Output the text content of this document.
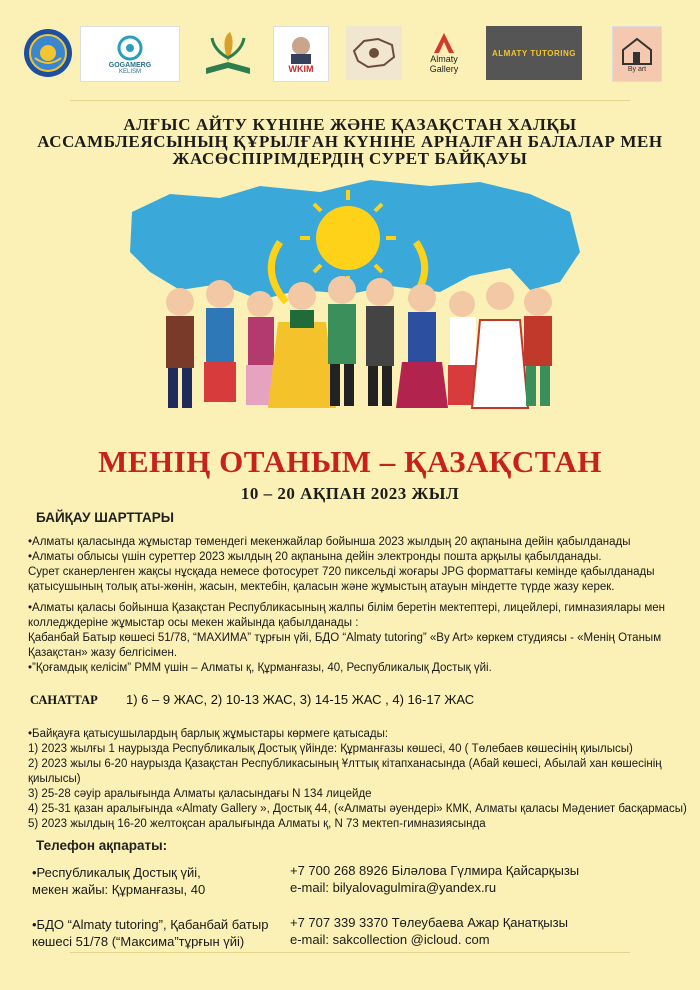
GOGAMERG
KELISM	WKIM
Almaty
Gallery
ALMATY TUTORING
By art
АЛҒЫС АЙТУ КҮНІНЕ ЖӘНЕ ҚАЗАҚСТАН ХАЛҚЫ
АССАМБЛЕЯСЫНЫҢ ҚҰРЫЛҒАН КҮНІНЕ АРНАЛҒАН БАЛАЛАР МЕН
ЖАСӨСПІРІМДЕРДІҢ СУРЕТ БАЙҚАУЫ
МЕНІҢ ОТАНЫМ – ҚАЗАҚСТАН
10 – 20 АҚПАН 2023 ЖЫЛ
БАЙҚАУ ШАРТТАРЫ
•Алматы қаласында жұмыстар төмендегі мекенжайлар бойынша 2023 жылдың 20 ақпанына дейін қабылданады
•Алматы облысы үшін суреттер 2023 жылдың 20 ақпанына дейін электронды пошта арқылы қабылданады.
Сурет сканерленген жақсы нұсқада немесе фотосурет 720 пиксельді жоғары JPG форматтағы кемінде қабылданады
қатысушының толық аты-жөнін, жасын, мектебін, қаласын және жұмыстың атауын міндетте түрде жазу керек.
•Алматы қаласы бойынша Қазақстан Республикасының жалпы білім беретін мектептері, лицейлері, гимназиялары мен
колледждеріне жұмыстар осы мекен жайында қабылданады :
Қабанбай Батыр көшесі 51/78, “МАХИМА” тұрғын үйі, БДО “Almaty tutoring” «By Art» көркем студиясы - «Менің Отаным
Қазақстан» жазу белгісімен.
•”Қоғамдық келісім” РММ үшін – Алматы қ, Құрманғазы, 40, Республикалық Достық үйі.
САНАТТАР 1) 6 – 9 ЖАС, 2) 10-13 ЖАС, 3) 14-15 ЖАС , 4) 16-17 ЖАС
•Байқауға қатысушылардың барлық жұмыстары көрмеге қатысады:
1) 2023 жылғы 1 наурызда Республикалық Достық үйінде: Құрманғазы көшесі, 40 ( Төлебаев көшесінің қиылысы)
2) 2023 жылы 6-20 наурызда Қазақстан Республикасының Ұлттық кітапханасында (Абай көшесі, Абылай хан көшесінің
қиылысы)
3) 25-28 сәуір аралығында Алматы қаласындағы N 134 лицейде
4) 25-31 қазан аралығында «Almaty Gallery », Достық 44, («Алматы әуендері» КМК, Алматы қаласы Мәдениет басқармасы)
5) 2023 жылдың 16-20 желтоқсан аралығында Алматы қ, N 73 мектеп-гимназиясында
Телефон ақпараты:
•Республикалық Достық үйі,
мекен жайы: Құрманғазы, 40
+7 700 268 8926 Біләлова Гүлмира Қайсарқызы
e-mail: bilyalovagulmira@yandex.ru
•БДО “Almaty tutoring”, Қабанбай батыр
көшесі 51/78 (“Максима”тұрғын үйі)
+7 707 339 3370 Төлеубаева Ажар Қанатқызы
e-mail: sakcollection @icloud. com
